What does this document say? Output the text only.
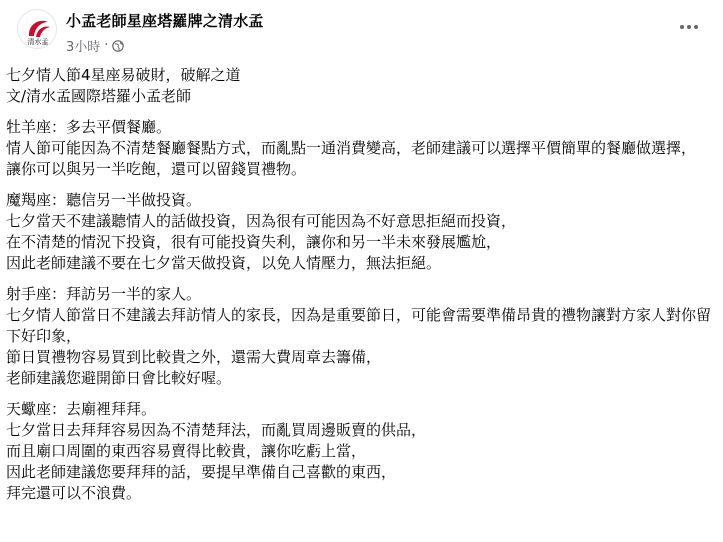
清水孟
小孟老師星座塔羅牌之清水孟
3小時 ·
七夕情人節4星座易破財，破解之道
文/清水孟國際塔羅小孟老師
牡羊座：多去平價餐廳。
情人節可能因為不清楚餐廳餐點方式，而亂點一通消費變高，老師建議可以選擇平價簡單的餐廳做選擇，
讓你可以與另一半吃飽，還可以留錢買禮物。
魔羯座：聽信另一半做投資。
七夕當天不建議聽情人的話做投資，因為很有可能因為不好意思拒絕而投資，
在不清楚的情況下投資，很有可能投資失利，讓你和另一半未來發展尷尬，
因此老師建議不要在七夕當天做投資，以免人情壓力，無法拒絕。
射手座：拜訪另一半的家人。
七夕情人節當日不建議去拜訪情人的家長，因為是重要節日，可能會需要準備昂貴的禮物讓對方家人對你留下好印象，
節日買禮物容易買到比較貴之外，還需大費周章去籌備，
老師建議您避開節日會比較好喔。
天蠍座：去廟裡拜拜。
七夕當日去拜拜容易因為不清楚拜法，而亂買周邊販賣的供品，
而且廟口周圍的東西容易賣得比較貴，讓你吃虧上當，
因此老師建議您要拜拜的話，要提早準備自己喜歡的東西，
拜完還可以不浪費。
